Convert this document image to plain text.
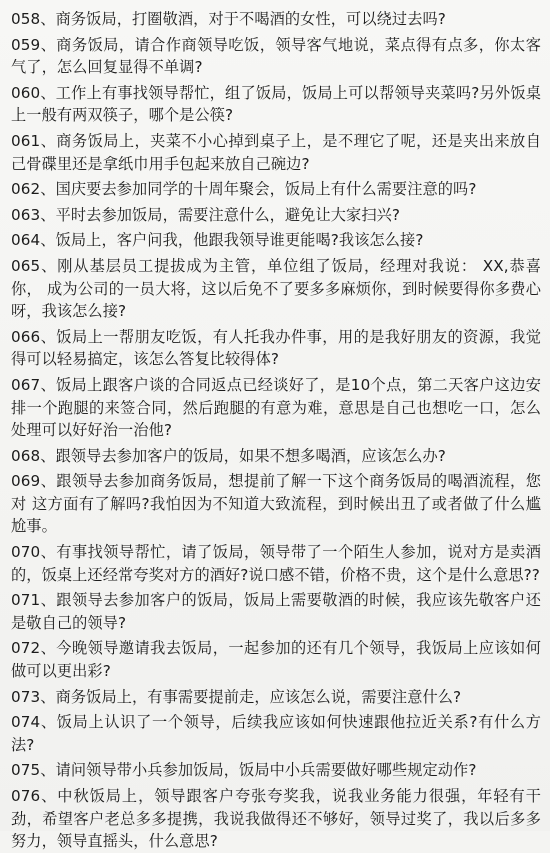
058、商务饭局，打圈敬酒，对于不喝酒的女性，可以绕过去吗?
059、商务饭局，请合作商领导吃饭，领导客气地说，菜点得有点多，你太客气了，怎么回复显得不单调?
060、工作上有事找领导帮忙，组了饭局，饭局上可以帮领导夹菜吗?另外饭桌上一般有两双筷子，哪个是公筷?
061、商务饭局上，夹菜不小心掉到桌子上，是不理它了呢，还是夹出来放自己骨碟里还是拿纸巾用手包起来放自己碗边?
062、国庆要去参加同学的十周年聚会，饭局上有什么需要注意的吗?
063、平时去参加饭局，需要注意什么，避免让大家扫兴?
064、饭局上，客户问我，他跟我领导谁更能喝?我该怎么接?
065、刚从基层员工提拔成为主管，单位组了饭局，经理对我说： XX,恭喜你， 成为公司的一员大将，这以后免不了要多多麻烦你，到时候要得你多费心呀，我该怎么接?
066、饭局上一帮朋友吃饭，有人托我办件事，用的是我好朋友的资源，我觉得可以轻易搞定，该怎么答复比较得体?
067、饭局上跟客户谈的合同返点已经谈好了，是10个点，第二天客户这边安排一个跑腿的来签合同，然后跑腿的有意为难，意思是自己也想吃一口，怎么处理可以好好治一治他?
068、跟领导去参加客户的饭局，如果不想多喝酒，应该怎么办?
069、跟领导去参加商务饭局，想提前了解一下这个商务饭局的喝酒流程，您对 这方面有了解吗?我怕因为不知道大致流程，到时候出丑了或者做了什么尴尬事。
070、有事找领导帮忙，请了饭局，领导带了一个陌生人参加，说对方是卖酒的，饭桌上还经常夸奖对方的酒好?说口感不错，价格不贵，这个是什么意思??
071、跟领导去参加客户的饭局，饭局上需要敬酒的时候，我应该先敬客户还是敬自己的领导?
072、今晚领导邀请我去饭局，一起参加的还有几个领导，我饭局上应该如何做可以更出彩?
073、商务饭局上，有事需要提前走，应该怎么说，需要注意什么?
074、饭局上认识了一个领导，后续我应该如何快速跟他拉近关系?有什么方法?
075、请问领导带小兵参加饭局，饭局中小兵需要做好哪些规定动作?
076、中秋饭局上，领导跟客户夸张夸奖我，说我业务能力很强，年轻有干劲，希望客户老总多多提携，我说我做得还不够好，领导过奖了，我以后多多努力，领导直摇头，什么意思?
